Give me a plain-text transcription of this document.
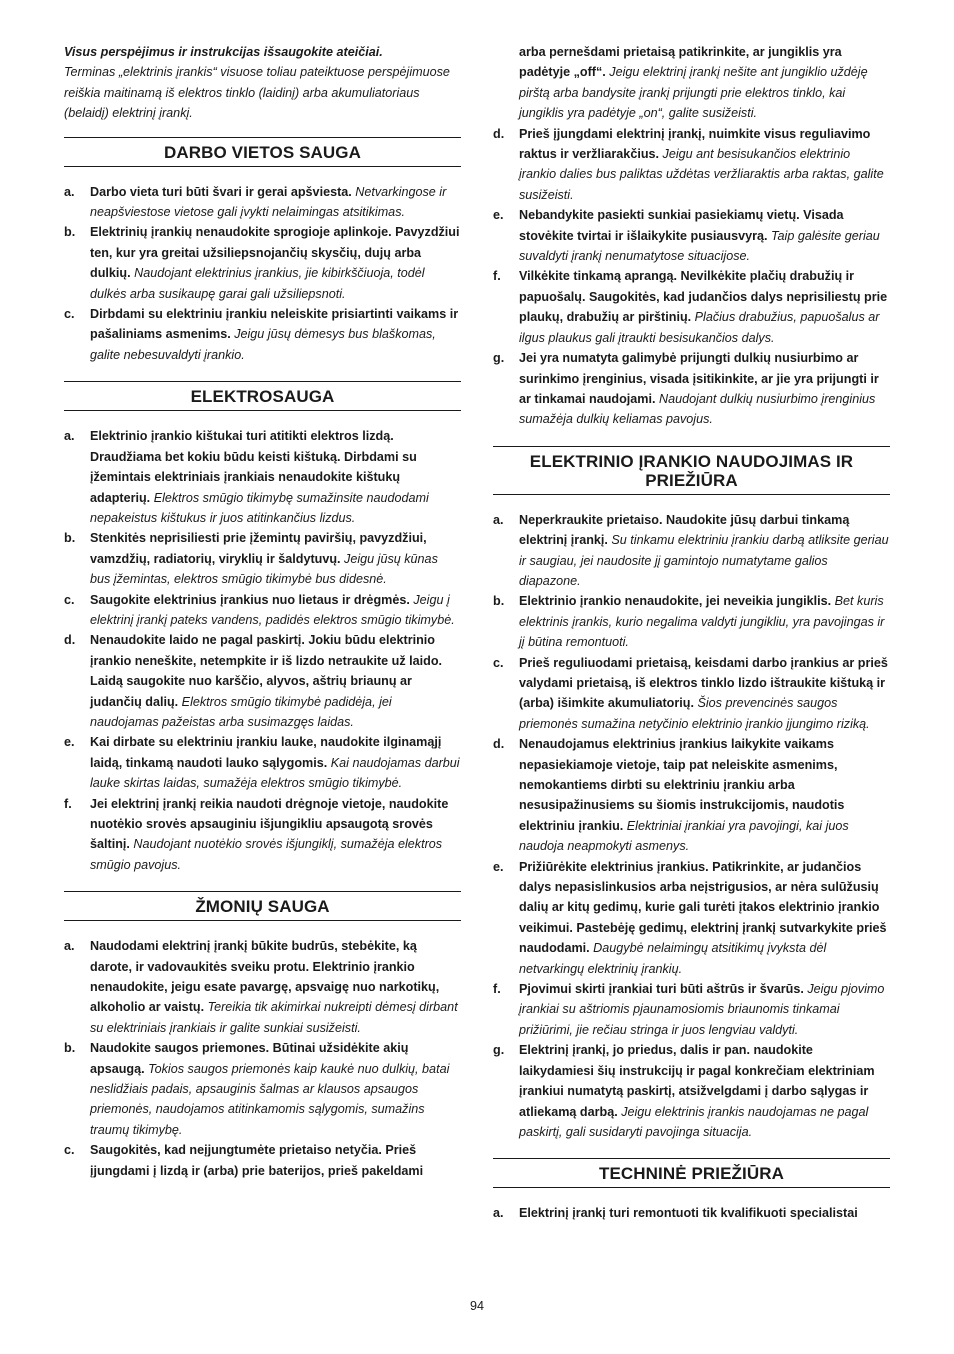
Visus perspėjimus ir instrukcijas išsaugokite ateičiai.
Terminas „elektrinis įrankis“ visuose toliau pateiktuose perspėjimuose reiškia maitinamą iš elektros tinklo (laidinį) arba akumuliatoriaus (belaidį) elektrinį įrankį.

DARBO VIETOS SAUGA
a.	Darbo vieta turi būti švari ir gerai apšviesta. Netvarkingose ir neapšviestose vietose gali įvykti nelaimingas atsitikimas.
b.	Elektrinių įrankių nenaudokite sprogioje aplinkoje. Pavyzdžiui ten, kur yra greitai užsiliepsnojančių skysčių, dujų arba dulkių. Naudojant elektrinius įrankius, jie kibirkščiuoja, todėl dulkės arba susikaupę garai gali užsiliepsnoti.
c.	Dirbdami su elektriniu įrankiu neleiskite prisiartinti vaikams ir pašaliniams asmenims. Jeigu jūsų dėmesys bus blaškomas, galite nebesuvaldyti įrankio.
ELEKTROSAUGA
a.	Elektrinio įrankio kištukai turi atitikti elektros lizdą. Draudžiama bet kokiu būdu keisti kištuką. Dirbdami su įžemintais elektriniais įrankiais nenaudokite kištukų adapterių. Elektros smūgio tikimybę sumažinsite naudodami nepakeistus kištukus ir juos atitinkančius lizdus.
b.	Stenkitės neprisiliesti prie įžemintų paviršių, pavyzdžiui, vamzdžių, radiatorių, viryklių ir šaldytuvų. Jeigu jūsų kūnas bus įžemintas, elektros smūgio tikimybė bus didesnė.
c.	Saugokite elektrinius įrankius nuo lietaus ir drėgmės. Jeigu į elektrinį įrankį pateks vandens, padidės elektros smūgio tikimybė.
d.	Nenaudokite laido ne pagal paskirtį. Jokiu būdu elektrinio įrankio neneškite, netempkite ir iš lizdo netraukite už laido. Laidą saugokite nuo karščio, alyvos, aštrių briaunų ar judančių dalių. Elektros smūgio tikimybė padidėja, jei naudojamas pažeistas arba susimazgęs laidas.
e.	Kai dirbate su elektriniu įrankiu lauke, naudokite ilginamąjį laidą, tinkamą naudoti lauko sąlygomis. Kai naudojamas darbui lauke skirtas laidas, sumažėja elektros smūgio tikimybė.
f.	Jei elektrinį įrankį reikia naudoti drėgnoje vietoje, naudokite nuotėkio srovės apsauginiu išjungikliu apsaugotą srovės šaltinį. Naudojant nuotėkio srovės išjungiklį, sumažėja elektros smūgio pavojus.
ŽMONIŲ SAUGA
a.	Naudodami elektrinį įrankį būkite budrūs, stebėkite, ką darote, ir vadovaukitės sveiku protu. Elektrinio įrankio nenaudokite, jeigu esate pavargę, apsvaigę nuo narkotikų, alkoholio ar vaistų. Tereikia tik akimirkai nukreipti dėmesį dirbant su elektriniais įrankiais ir galite sunkiai susižeisti.
b.	Naudokite saugos priemones. Būtinai užsidėkite akių apsaugą. Tokios saugos priemonės kaip kaukė nuo dulkių, batai neslidžiais padais, apsauginis šalmas ar klausos apsaugos priemonės, naudojamos atitinkamomis sąlygomis, sumažins traumų tikimybę.
c.	Saugokitės, kad neįjungtumėte prietaiso netyčia. Prieš įjungdami į lizdą ir (arba) prie baterijos, prieš pakeldami
arba pernešdami prietaisą patikrinkite, ar jungiklis yra padėtyje „off“. Jeigu elektrinį įrankį nešite ant jungiklio uždėję pirštą arba bandysite įrankį prijungti prie elektros tinklo, kai jungiklis yra padėtyje „on“, galite susižeisti.
d.	Prieš įjungdami elektrinį įrankį, nuimkite visus reguliavimo raktus ir veržliarakčius. Jeigu ant besisukančios elektrinio įrankio dalies bus paliktas uždėtas veržliaraktis arba raktas, galite susižeisti.
e.	Nebandykite pasiekti sunkiai pasiekiamų vietų. Visada stovėkite tvirtai ir išlaikykite pusiausvyrą. Taip galėsite geriau suvaldyti įrankį nenumatytose situacijose.
f.	Vilkėkite tinkamą aprangą. Nevilkėkite plačių drabužių ir papuošalų. Saugokitės, kad judančios dalys neprisiliestų prie plaukų, drabužių ar pirštinių. Plačius drabužius, papuošalus ar ilgus plaukus gali įtraukti besisukančios dalys.
g.	Jei yra numatyta galimybė prijungti dulkių nusiurbimo ar surinkimo įrenginius, visada įsitikinkite, ar jie yra prijungti ir ar tinkamai naudojami. Naudojant dulkių nusiurbimo įrenginius sumažėja dulkių keliamas pavojus.
ELEKTRINIO ĮRANKIO NAUDOJIMAS IR PRIEŽIŪRA
a.	Neperkraukite prietaiso. Naudokite jūsų darbui tinkamą elektrinį įrankį. Su tinkamu elektriniu įrankiu darbą atliksite geriau ir saugiau, jei naudosite jį gamintojo numatytame galios diapazone.
b.	Elektrinio įrankio nenaudokite, jei neveikia jungiklis. Bet kuris elektrinis įrankis, kurio negalima valdyti jungikliu, yra pavojingas ir jį būtina remontuoti.
c.	Prieš reguliuodami prietaisą, keisdami darbo įrankius ar prieš valydami prietaisą, iš elektros tinklo lizdo ištraukite kištuką ir (arba) išimkite akumuliatorių. Šios prevencinės saugos priemonės sumažina netyčinio elektrinio įrankio įjungimo riziką.
d.	Nenaudojamus elektrinius įrankius laikykite vaikams nepasiekiamoje vietoje, taip pat neleiskite asmenims, nemokantiems dirbti su elektriniu įrankiu arba nesusipažinusiems su šiomis instrukcijomis, naudotis elektriniu įrankiu. Elektriniai įrankiai yra pavojingi, kai juos naudoja neapmokyti asmenys.
e.	Prižiūrėkite elektrinius įrankius. Patikrinkite, ar judančios dalys nepasislinkusios arba neįstrigusios, ar nėra sulūžusių dalių ar kitų gedimų, kurie gali turėti įtakos elektrinio įrankio veikimui. Pastebėję gedimų, elektrinį įrankį sutvarkykite prieš naudodami. Daugybė nelaimingų atsitikimų įvyksta dėl netvarkingų elektrinių įrankių.
f.	Pjovimui skirti įrankiai turi būti aštrūs ir švarūs. Jeigu pjovimo įrankiai su aštriomis pjaunamosiomis briaunomis tinkamai prižiūrimi, jie rečiau stringa ir juos lengviau valdyti.
g.	Elektrinį įrankį, jo priedus, dalis ir pan. naudokite laikydamiesi šių instrukcijų ir pagal konkrečiam elektriniam įrankiui numatytą paskirtį, atsižvelgdami į darbo sąlygas ir atliekamą darbą. Jeigu elektrinis įrankis naudojamas ne pagal paskirtį, gali susidaryti pavojinga situacija.
TECHNINĖ PRIEŽIŪRA
a.	Elektrinį įrankį turi remontuoti tik kvalifikuoti specialistai
94
